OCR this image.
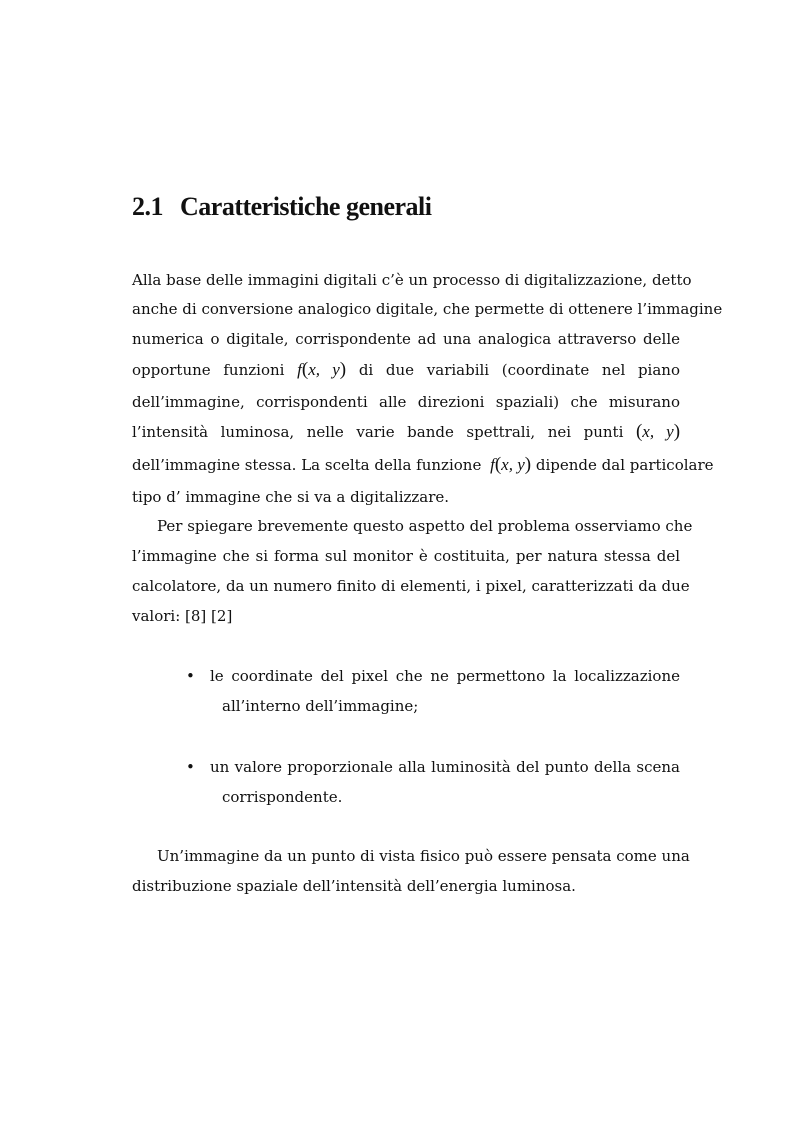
2.1 Caratteristiche generali
Alla base delle immagini digitali c’è un processo di digitalizzazione, detto
anche di conversione analogico digitale, che permette di ottenere l’immagine
numerica o digitale, corrispondente ad una analogica attraverso delle
opportune funzioni f(x, y) di due variabili (coordinate nel piano
dell’immagine, corrispondenti alle direzioni spaziali) che misurano
l’intensità luminosa, nelle varie bande spettrali, nei punti (x, y)
dell’immagine stessa. La scelta della funzione f(x, y) dipende dal particolare
tipo d’ immagine che si va a digitalizzare.
Per spiegare brevemente questo aspetto del problema osserviamo che
l’immagine che si forma sul monitor è costituita, per natura stessa del
calcolatore, da un numero finito di elementi, i pixel, caratterizzati da due
valori: [8] [2]
• le coordinate del pixel che ne permettono la localizzazione
all’interno dell’immagine;
• un valore proporzionale alla luminosità del punto della scena
corrispondente.
Un’immagine da un punto di vista fisico può essere pensata come una
distribuzione spaziale dell’intensità dell’energia luminosa.
